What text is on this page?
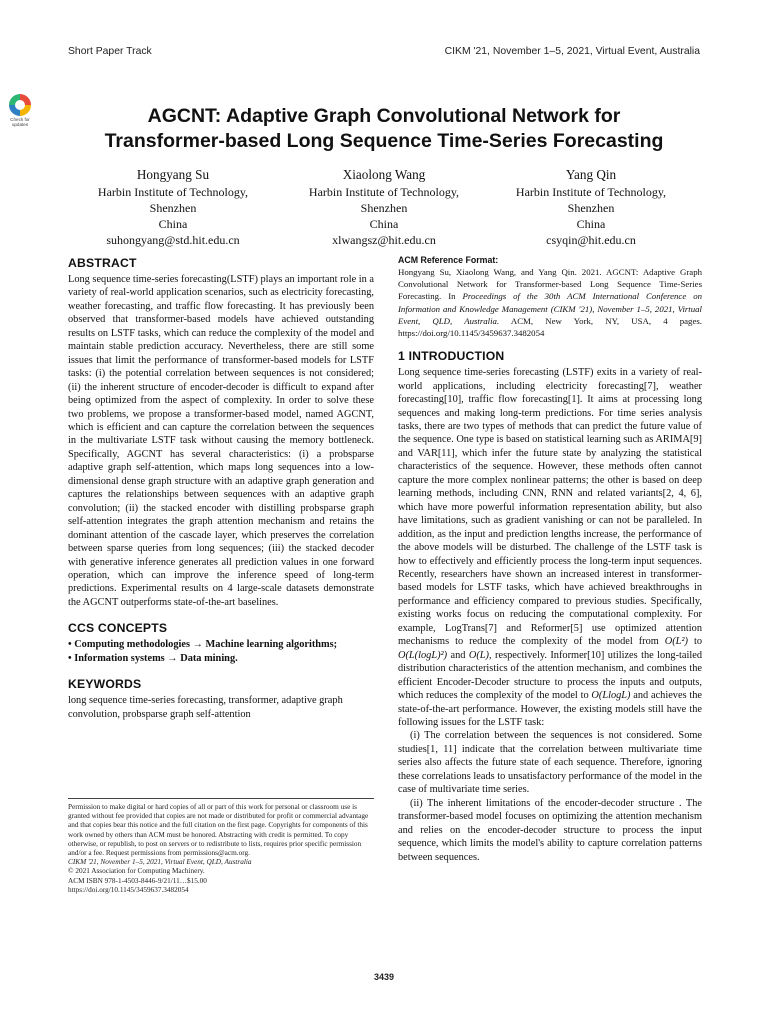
Short Paper Track	CIKM '21, November 1–5, 2021, Virtual Event, Australia
Check for updates	AGCNT: Adaptive Graph Convolutional Network for
Transformer-based Long Sequence Time-Series Forecasting
Hongyang Su
Harbin Institute of Technology,
Shenzhen
China
suhongyang@std.hit.edu.cn
Xiaolong Wang
Harbin Institute of Technology,
Shenzhen
China
xlwangsz@hit.edu.cn
Yang Qin
Harbin Institute of Technology,
Shenzhen
China
csyqin@hit.edu.cn
ABSTRACT

Long sequence time-series forecasting(LSTF) plays an important role in a variety of real-world application scenarios, such as electricity forecasting, weather forecasting, and traffic flow forecasting. It has previously been observed that transformer-based models have achieved outstanding results on LSTF tasks, which can reduce the complexity of the model and maintain stable prediction accuracy. Nevertheless, there are still some issues that limit the performance of transformer-based models for LSTF tasks: (i) the potential correlation between sequences is not considered; (ii) the inherent structure of encoder-decoder is difficult to expand after being optimized from the aspect of complexity. In order to solve these two problems, we propose a transformer-based model, named AGCNT, which is efficient and can capture the correlation between the sequences in the multivariate LSTF task without causing the memory bottleneck. Specifically, AGCNT has several characteristics: (i) a probsparse adaptive graph self-attention, which maps long sequences into a low-dimensional dense graph structure with an adaptive graph generation and captures the relationships between sequences with an adaptive graph convolution; (ii) the stacked encoder with distilling probsparse graph self-attention integrates the graph attention mechanism and retains the dominant attention of the cascade layer, which preserves the correlation between sparse queries from long sequences; (iii) the stacked decoder with generative inference generates all prediction values in one forward operation, which can improve the inference speed of long-term predictions. Experimental results on 4 large-scale datasets demonstrate the AGCNT outperforms state-of-the-art baselines.

CCS CONCEPTS

• Computing methodologies → Machine learning algorithms;

• Information systems → Data mining.

KEYWORDS

long sequence time-series forecasting, transformer, adaptive graph convolution, probsparse graph self-attention

Permission to make digital or hard copies of all or part of this work for personal or classroom use is granted without fee provided that copies are not made or distributed for profit or commercial advantage and that copies bear this notice and the full citation on the first page. Copyrights for components of this work owned by others than ACM must be honored. Abstracting with credit is permitted. To copy otherwise, or republish, to post on servers or to redistribute to lists, requires prior specific permission and/or a fee. Request permissions from permissions@acm.org.

CIKM '21, November 1–5, 2021, Virtual Event, QLD, Australia

© 2021 Association for Computing Machinery.

ACM ISBN 978-1-4503-8446-9/21/11…$15.00

https://doi.org/10.1145/3459637.3482054

ACM Reference Format:

Hongyang Su, Xiaolong Wang, and Yang Qin. 2021. AGCNT: Adaptive Graph Convolutional Network for Transformer-based Long Sequence Time-Series Forecasting. In Proceedings of the 30th ACM International Conference on Information and Knowledge Management (CIKM '21), November 1–5, 2021, Virtual Event, QLD, Australia. ACM, New York, NY, USA, 4 pages. https://doi.org/10.1145/3459637.3482054

1 INTRODUCTION

Long sequence time-series forecasting (LSTF) exits in a variety of real-world applications, including electricity forecasting[7], weather forecasting[10], traffic flow forecasting[1]. It aims at processing long sequences and making long-term predictions. For time series analysis tasks, there are two types of methods that can predict the future value of the sequence. One type is based on statistical learning such as ARIMA[9] and VAR[11], which infer the future state by analyzing the statistical characteristics of the sequence. However, these methods often cannot capture the more complex nonlinear patterns; the other is based on deep learning methods, including CNN, RNN and related variants[2, 4, 6], which have more powerful information representation ability, but also have limitations, such as gradient vanishing or can not be paralleled. In addition, as the input and prediction lengths increase, the performance of the above models will be disturbed. The challenge of the LSTF task is how to effectively and efficiently process the long-term input sequences. Recently, researchers have shown an increased interest in transformer-based models for LSTF tasks, which have achieved breakthroughs in performance and efficiency compared to previous studies. Specifically, existing works focus on reducing the computational complexity. For example, LogTrans[7] and Reformer[5] use optimized attention mechanisms to reduce the complexity of the model from O(L²) to O(L(logL)²) and O(L), respectively. Informer[10] utilizes the long-tailed distribution characteristics of the attention mechanism, and combines the efficient Encoder-Decoder structure to process the inputs and outputs, which reduces the complexity of the model to O(LlogL) and achieves the state-of-the-art performance. However, the existing models still have the following issues for the LSTF task:

(i) The correlation between the sequences is not considered. Some studies[1, 11] indicate that the correlation between multivariate time series also affects the future state of each sequence. Therefore, ignoring these correlations leads to unsatisfactory performance of the model in the case of multivariate time series.

(ii) The inherent limitations of the encoder-decoder structure . The transformer-based model focuses on optimizing the attention mechanism and relies on the encoder-decoder structure to process the input sequence, which limits the model's ability to capture correlation patterns between sequences.

3439
